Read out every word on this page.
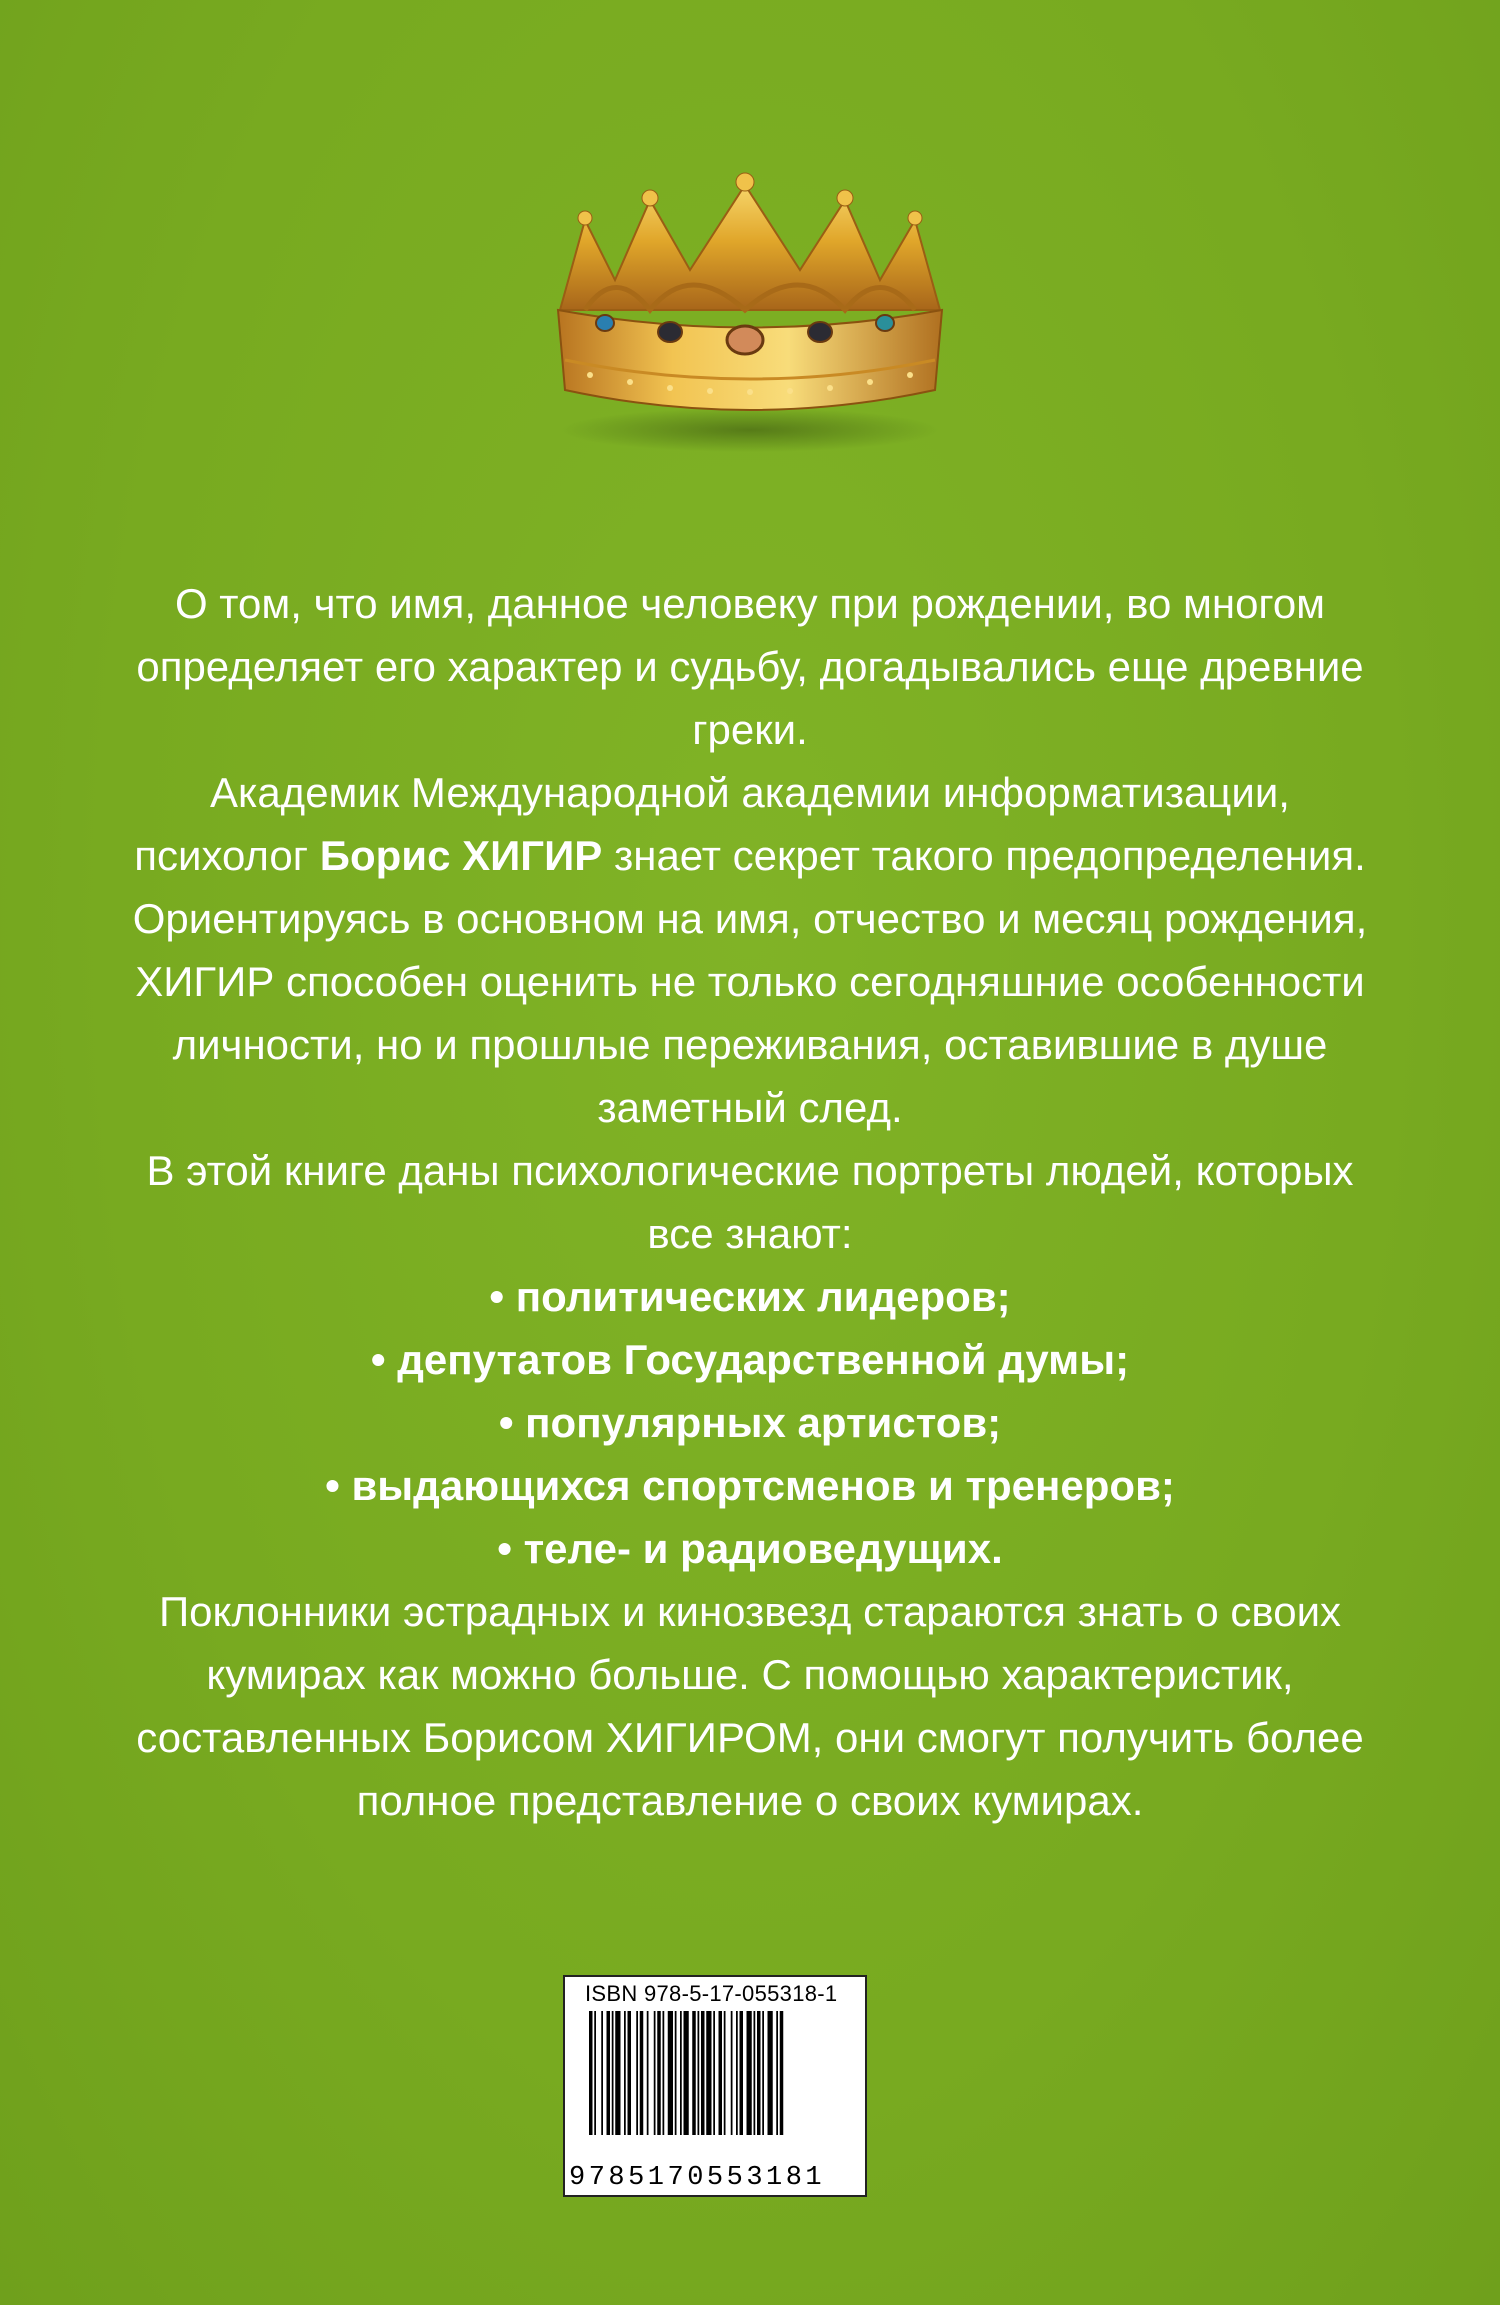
О том, что имя, данное человеку при рождении, во многом определяет его характер и судьбу, догадывались еще древние греки.

Академик Международной академии информатизации, психолог Борис ХИГИР знает секрет такого предопределения. Ориентируясь в основном на имя, отчество и месяц рождения, ХИГИР способен оценить не только сегодняшние особенности личности, но и прошлые переживания, оставившие в душе заметный след.

В этой книге даны психологические портреты людей, которых все знают:

• политических лидеров;

• депутатов Государственной думы;

• популярных артистов;

• выдающихся спортсменов и тренеров;

• теле- и радиоведущих.

Поклонники эстрадных и кинозвезд стараются знать о своих кумирах как можно больше. С помощью характеристик, составленных Борисом ХИГИРОМ, они смогут получить более полное представление о своих кумирах.

ISBN 978-5-17-055318-1
9785170553181
